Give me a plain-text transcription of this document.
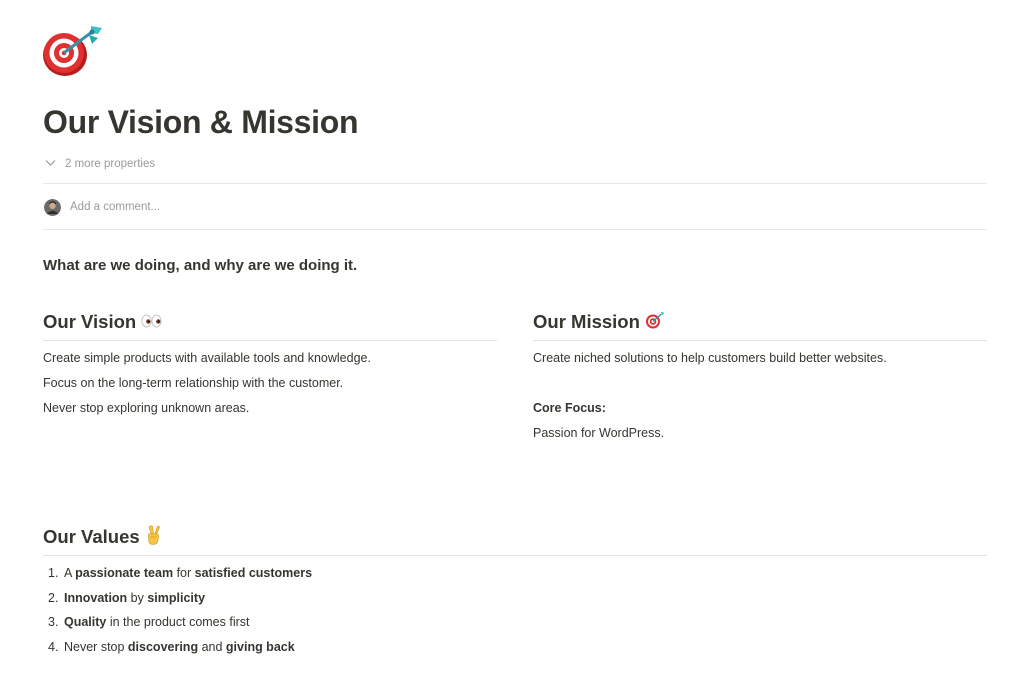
Our Vision & Mission
2 more properties
Add a comment...
What are we doing, and why are we doing it.
Our Vision
Create simple products with available tools and knowledge.
Focus on the long-term relationship with the customer.
Never stop exploring unknown areas.
Our Mission
Create niched solutions to help customers build better websites.
Core Focus:
Passion for WordPress.
Our Values
1. A passionate team for satisfied customers
2. Innovation by simplicity
3. Quality in the product comes first
4. Never stop discovering and giving back
